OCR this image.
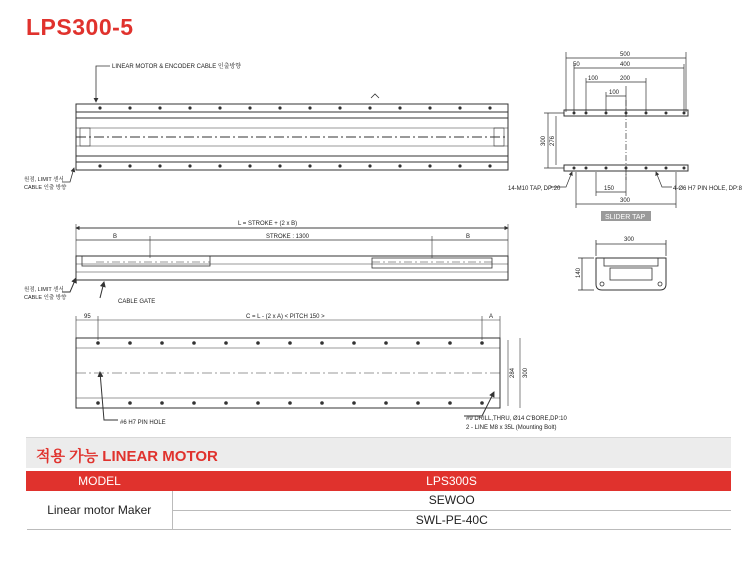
LPS300-5
LINEAR MOTOR & ENCODER CABLE 인출방향
원점, LIMIT 센서
CABLE 인출 방향
L = STROKE + (2 x B)
B	STROKE : 1300	B
CABLE GATE
원점, LIMIT 센서
CABLE 인출 방향
95	C = L - (2 x A) < PITCH 150 >	A
284 300
#6 H7 PIN HOLE
#9 DRILL,THRU, Ø14 C'BORE,DP:10
2 - LINE M8 x 35L (Mounting Bolt)
500
50	400
100	200
100
300 276
14-M10 TAP, DP:20	150	4-Ø6 H7 PIN HOLE, DP:8
300
SLIDER TAP
300
140
적용 가능 LINEAR MOTOR
MODEL	LPS300S
Linear motor Maker	SEWOO
	SWL-PE-40C
